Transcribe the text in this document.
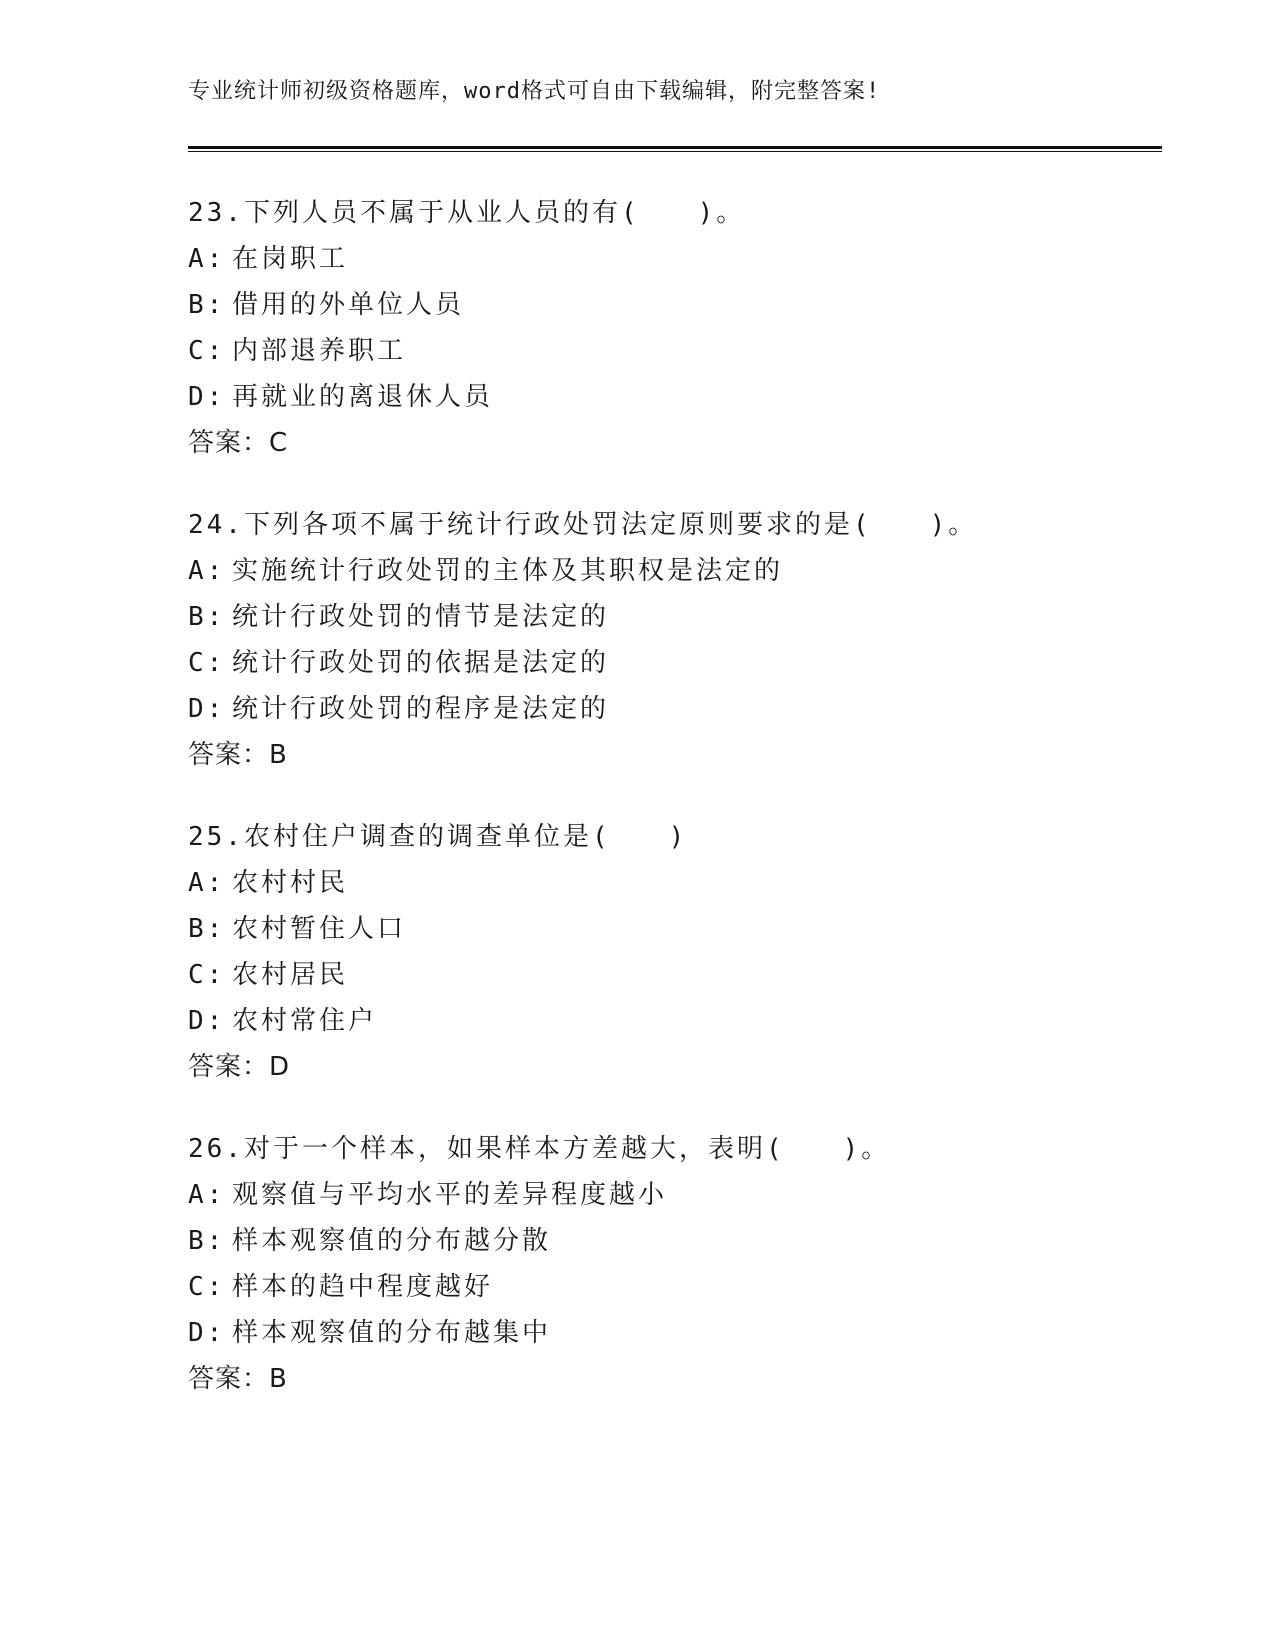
专业统计师初级资格题库，word格式可自由下载编辑，附完整答案!
23.下列人员不属于从业人员的有(　　)。
A: 在岗职工
B: 借用的外单位人员
C: 内部退养职工
D: 再就业的离退休人员
答案：C
24.下列各项不属于统计行政处罚法定原则要求的是(　　)。
A: 实施统计行政处罚的主体及其职权是法定的
B: 统计行政处罚的情节是法定的
C: 统计行政处罚的依据是法定的
D: 统计行政处罚的程序是法定的
答案：B
25.农村住户调查的调查单位是(　　)
A: 农村村民
B: 农村暂住人口
C: 农村居民
D: 农村常住户
答案：D
26.对于一个样本，如果样本方差越大，表明(　　)。
A: 观察值与平均水平的差异程度越小
B: 样本观察值的分布越分散
C: 样本的趋中程度越好
D: 样本观察值的分布越集中
答案：B
